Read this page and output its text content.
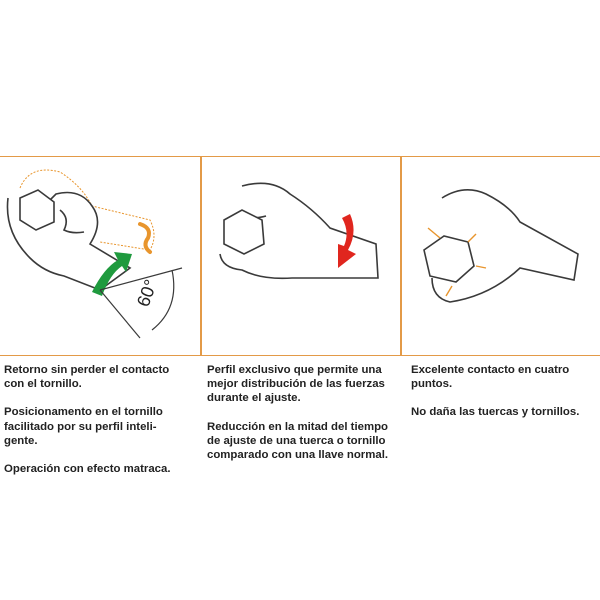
60°

Retorno sin perder el contacto
con el tornillo.

Posicionamento en el tornillo
facilitado por su perfil inteli-
gente.

Operación con efecto matraca.

Perfil exclusivo que permite una
mejor distribución de las fuerzas
durante el ajuste.

Reducción en la mitad del tiempo
de ajuste de una tuerca o tornillo
comparado con una llave normal.

Excelente contacto en cuatro
puntos.

No daña las tuercas y tornillos.
